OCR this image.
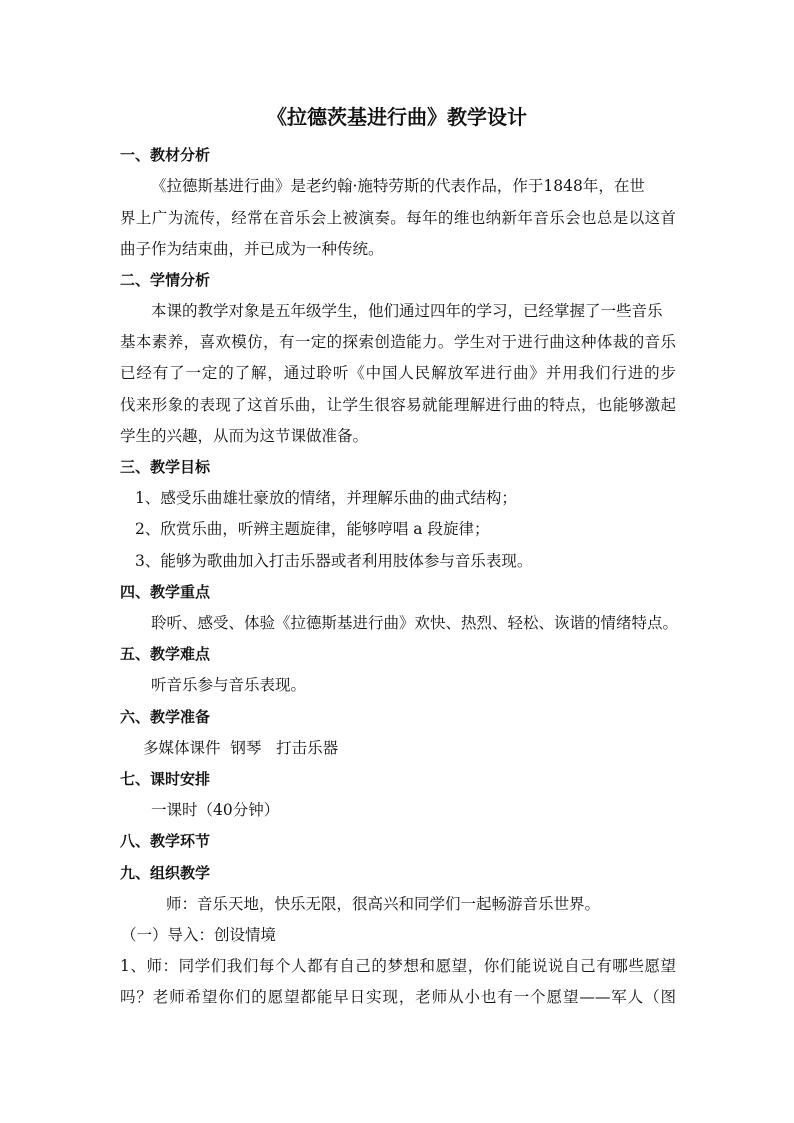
《拉德茨基进行曲》教学设计
一、教材分析
《拉德斯基进行曲》是老约翰·施特劳斯的代表作品，作于1848年，在世
界上广为流传，经常在音乐会上被演奏。每年的维也纳新年音乐会也总是以这首
曲子作为结束曲，并已成为一种传统。
二、学情分析
本课的教学对象是五年级学生，他们通过四年的学习，已经掌握了一些音乐
基本素养，喜欢模仿，有一定的探索创造能力。学生对于进行曲这种体裁的音乐
已经有了一定的了解，通过聆听《中国人民解放军进行曲》并用我们行进的步
伐来形象的表现了这首乐曲，让学生很容易就能理解进行曲的特点，也能够激起
学生的兴趣，从而为这节课做准备。
三、教学目标
1、感受乐曲雄壮豪放的情绪，并理解乐曲的曲式结构；
2、欣赏乐曲，听辨主题旋律，能够哼唱 a 段旋律；
3、能够为歌曲加入打击乐器或者利用肢体参与音乐表现。
四、教学重点
聆听、感受、体验《拉德斯基进行曲》欢快、热烈、轻松、诙谐的情绪特点。
五、教学难点
听音乐参与音乐表现。
六、教学准备
多媒体课件  钢琴   打击乐器
七、课时安排
一课时（40分钟）
八、教学环节
九、组织教学
师：音乐天地，快乐无限，很高兴和同学们一起畅游音乐世界。
（一）导入：创设情境
1、师：同学们我们每个人都有自己的梦想和愿望，你们能说说自己有哪些愿望
吗？老师希望你们的愿望都能早日实现，老师从小也有一个愿望——军人（图
